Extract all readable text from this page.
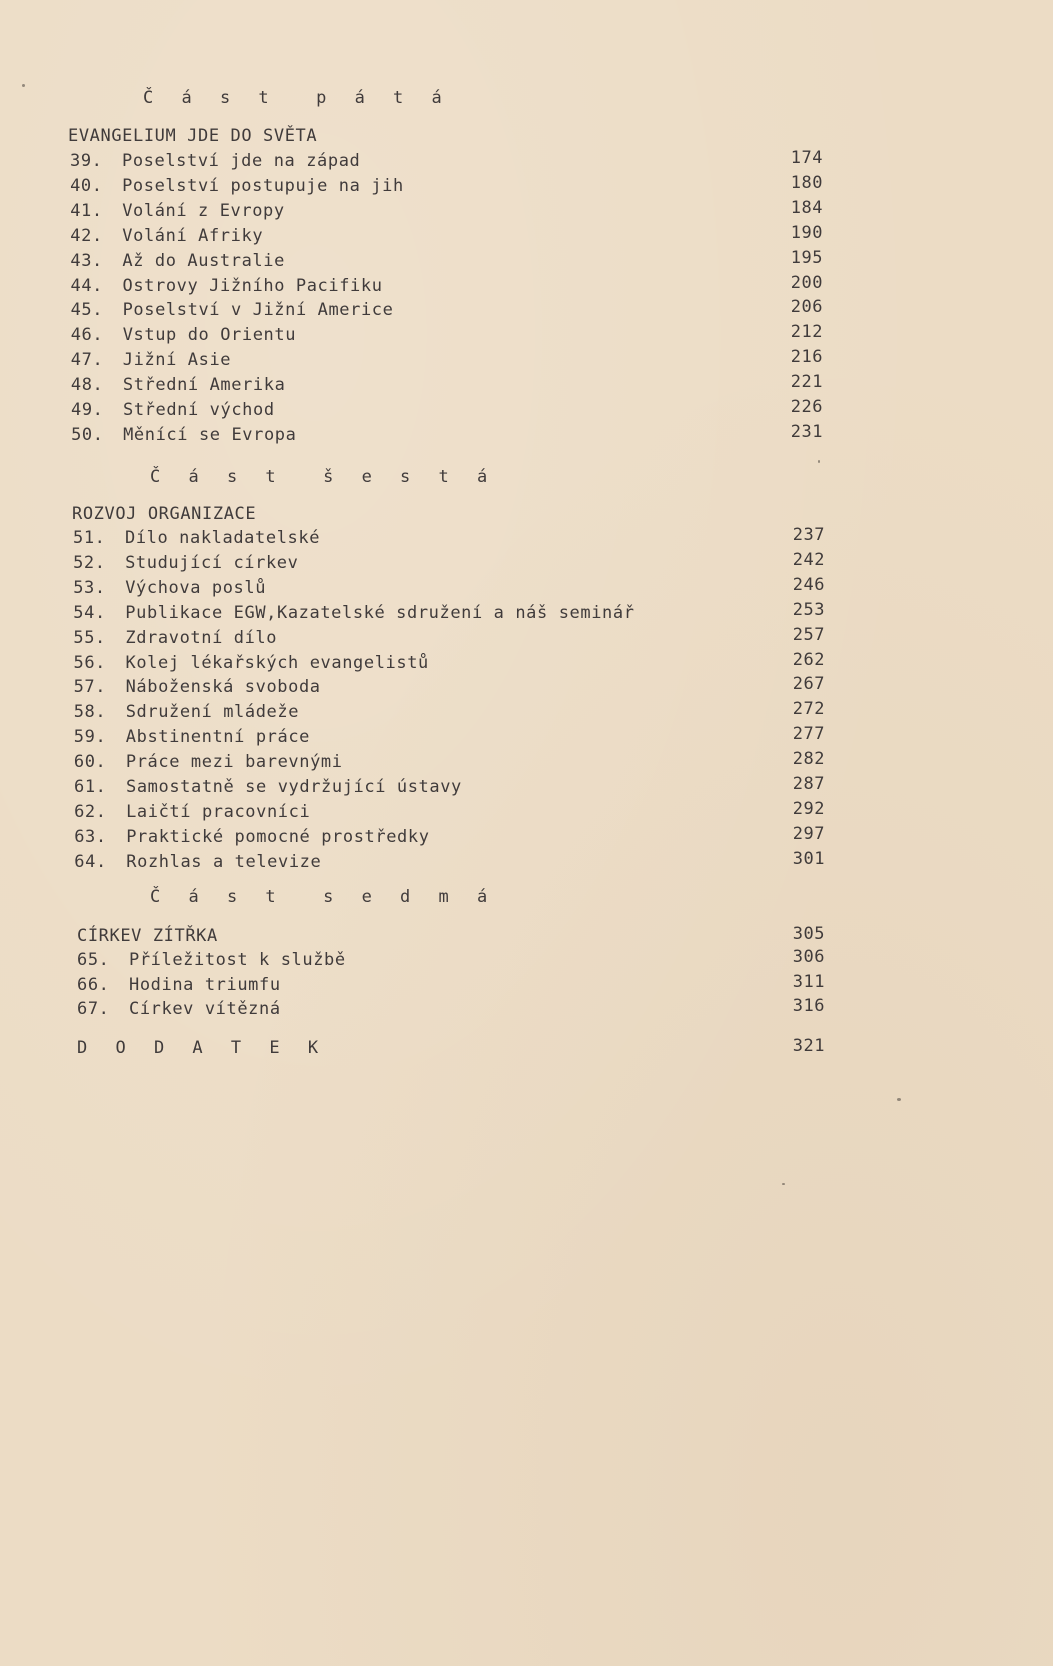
Č á s t  p á t á
EVANGELIUM JDE DO SVĚTA
39. Poselství jde na západ	174
40. Poselství postupuje na jih	180
41. Volání z Evropy	184
42. Volání Afriky	190
43. Až do Australie	195
44. Ostrovy Jižního Pacifiku	200
45. Poselství v Jižní Americe	206
46. Vstup do Orientu	212
47. Jižní Asie	216
48. Střední Amerika	221
49. Střední východ	226
50. Měnící se Evropa	231
Č á s t  š e s t á
ROZVOJ ORGANIZACE
51. Dílo nakladatelské	237
52. Studující církev	242
53. Výchova poslů	246
54. Publikace EGW,Kazatelské sdružení a náš seminář	253
55. Zdravotní dílo	257
56. Kolej lékařských evangelistů	262
57. Náboženská svoboda	267
58. Sdružení mládeže	272
59. Abstinentní práce	277
60. Práce mezi barevnými	282
61. Samostatně se vydržující ústavy	287
62. Laičtí pracovníci	292
63. Praktické pomocné prostředky	297
64. Rozhlas a televize	301
Č á s t  s e d m á
CÍRKEV ZÍTŘKA	305
65. Příležitost k službě	306
66. Hodina triumfu	311
67. Církev vítězná	316
D O D A T E K	321
